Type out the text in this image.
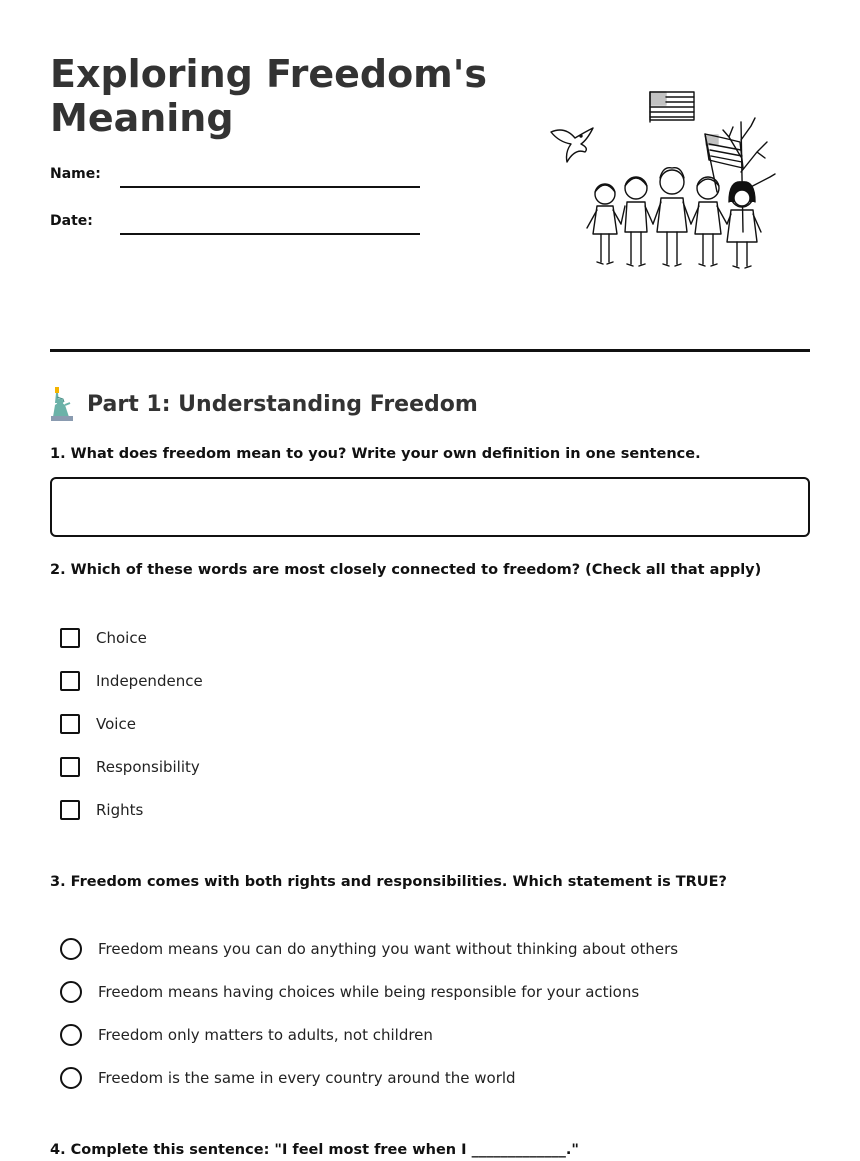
Exploring Freedom's Meaning
Name:
Date:
Part 1: Understanding Freedom
1. What does freedom mean to you? Write your own definition in one sentence.
2. Which of these words are most closely connected to freedom? (Check all that apply)
Choice
Independence
Voice
Responsibility
Rights
3. Freedom comes with both rights and responsibilities. Which statement is TRUE?
Freedom means you can do anything you want without thinking about others
Freedom means having choices while being responsible for your actions
Freedom only matters to adults, not children
Freedom is the same in every country around the world
4. Complete this sentence: "I feel most free when I _____________."
